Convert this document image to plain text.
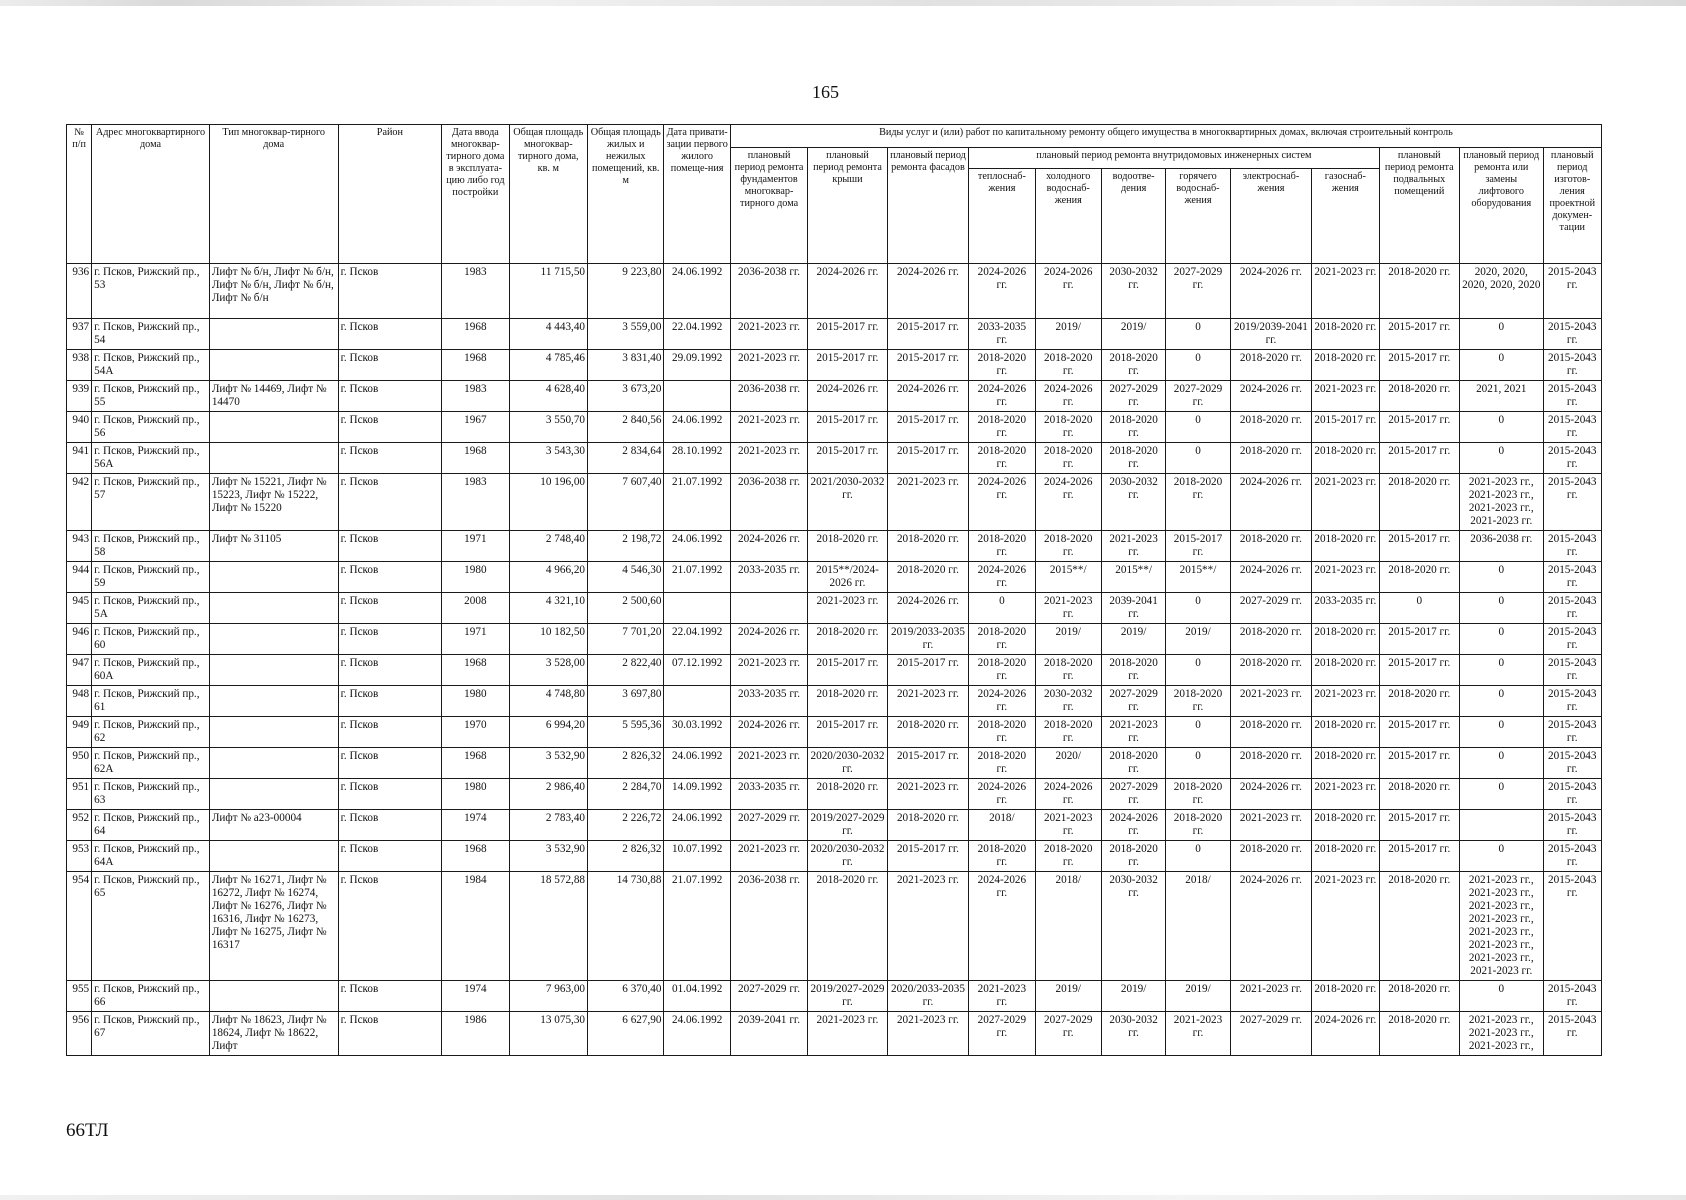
165
№ п/п	Адрес многоквартирного дома	Тип многоквар-тирного дома	Район	Дата ввода многоквар-тирного дома в эксплуата-цию либо год постройки	Общая площадь многоквар-тирного дома, кв. м	Общая площадь жилых и нежилых помещений, кв. м	Дата привати-зации первого жилого помеще-ния	Виды услуг и (или) работ по капитальному ремонту общего имущества в многоквартирных домах, включая строительный контроль											
								плановый период ремонта фундаментов многоквар-тирного дома	плановый период ремонта крыши	плановый период ремонта фасадов	плановый период ремонта внутридомовых инженерных систем						плановый период ремонта подвальных помещений	плановый период ремонта или замены лифтового оборудования	плановый период изготов-ления проектной докумен-тации
											теплоснаб-жения	холодного водоснаб-жения	водоотве-дения	горячего водоснаб-жения	электроснаб-жения	газоснаб-жения			
936	г. Псков, Рижский пр., 53	Лифт № б/н, Лифт № б/н, Лифт № б/н, Лифт № б/н, Лифт № б/н	г. Псков	1983	11 715,50	9 223,80	24.06.1992	2036-2038 гг.	2024-2026 гг.	2024-2026 гг.	2024-2026 гг.	2024-2026 гг.	2030-2032 гг.	2027-2029 гг.	2024-2026 гг.	2021-2023 гг.	2018-2020 гг.	2020, 2020, 2020, 2020, 2020	2015-2043 гг.
937	г. Псков, Рижский пр., 54		г. Псков	1968	4 443,40	3 559,00	22.04.1992	2021-2023 гг.	2015-2017 гг.	2015-2017 гг.	2033-2035 гг.	2019/	2019/	0	2019/2039-2041 гг.	2018-2020 гг.	2015-2017 гг.	0	2015-2043 гг.
938	г. Псков, Рижский пр., 54А		г. Псков	1968	4 785,46	3 831,40	29.09.1992	2021-2023 гг.	2015-2017 гг.	2015-2017 гг.	2018-2020 гг.	2018-2020 гг.	2018-2020 гг.	0	2018-2020 гг.	2018-2020 гг.	2015-2017 гг.	0	2015-2043 гг.
939	г. Псков, Рижский пр., 55	Лифт № 14469, Лифт № 14470	г. Псков	1983	4 628,40	3 673,20		2036-2038 гг.	2024-2026 гг.	2024-2026 гг.	2024-2026 гг.	2024-2026 гг.	2027-2029 гг.	2027-2029 гг.	2024-2026 гг.	2021-2023 гг.	2018-2020 гг.	2021, 2021	2015-2043 гг.
940	г. Псков, Рижский пр., 56		г. Псков	1967	3 550,70	2 840,56	24.06.1992	2021-2023 гг.	2015-2017 гг.	2015-2017 гг.	2018-2020 гг.	2018-2020 гг.	2018-2020 гг.	0	2018-2020 гг.	2015-2017 гг.	2015-2017 гг.	0	2015-2043 гг.
941	г. Псков, Рижский пр., 56А		г. Псков	1968	3 543,30	2 834,64	28.10.1992	2021-2023 гг.	2015-2017 гг.	2015-2017 гг.	2018-2020 гг.	2018-2020 гг.	2018-2020 гг.	0	2018-2020 гг.	2018-2020 гг.	2015-2017 гг.	0	2015-2043 гг.
942	г. Псков, Рижский пр., 57	Лифт № 15221, Лифт № 15223, Лифт № 15222, Лифт № 15220	г. Псков	1983	10 196,00	7 607,40	21.07.1992	2036-2038 гг.	2021/2030-2032 гг.	2021-2023 гг.	2024-2026 гг.	2024-2026 гг.	2030-2032 гг.	2018-2020 гг.	2024-2026 гг.	2021-2023 гг.	2018-2020 гг.	2021-2023 гг., 2021-2023 гг., 2021-2023 гг., 2021-2023 гг.	2015-2043 гг.
943	г. Псков, Рижский пр., 58	Лифт № 31105	г. Псков	1971	2 748,40	2 198,72	24.06.1992	2024-2026 гг.	2018-2020 гг.	2018-2020 гг.	2018-2020 гг.	2018-2020 гг.	2021-2023 гг.	2015-2017 гг.	2018-2020 гг.	2018-2020 гг.	2015-2017 гг.	2036-2038 гг.	2015-2043 гг.
944	г. Псков, Рижский пр., 59		г. Псков	1980	4 966,20	4 546,30	21.07.1992	2033-2035 гг.	2015**/2024-2026 гг.	2018-2020 гг.	2024-2026 гг.	2015**/	2015**/	2015**/	2024-2026 гг.	2021-2023 гг.	2018-2020 гг.	0	2015-2043 гг.
945	г. Псков, Рижский пр., 5А		г. Псков	2008	4 321,10	2 500,60			2021-2023 гг.	2024-2026 гг.	0	2021-2023 гг.	2039-2041 гг.	0	2027-2029 гг.	2033-2035 гг.	0	0	2015-2043 гг.
946	г. Псков, Рижский пр., 60		г. Псков	1971	10 182,50	7 701,20	22.04.1992	2024-2026 гг.	2018-2020 гг.	2019/2033-2035 гг.	2018-2020 гг.	2019/	2019/	2019/	2018-2020 гг.	2018-2020 гг.	2015-2017 гг.	0	2015-2043 гг.
947	г. Псков, Рижский пр., 60А		г. Псков	1968	3 528,00	2 822,40	07.12.1992	2021-2023 гг.	2015-2017 гг.	2015-2017 гг.	2018-2020 гг.	2018-2020 гг.	2018-2020 гг.	0	2018-2020 гг.	2018-2020 гг.	2015-2017 гг.	0	2015-2043 гг.
948	г. Псков, Рижский пр., 61		г. Псков	1980	4 748,80	3 697,80		2033-2035 гг.	2018-2020 гг.	2021-2023 гг.	2024-2026 гг.	2030-2032 гг.	2027-2029 гг.	2018-2020 гг.	2021-2023 гг.	2021-2023 гг.	2018-2020 гг.	0	2015-2043 гг.
949	г. Псков, Рижский пр., 62		г. Псков	1970	6 994,20	5 595,36	30.03.1992	2024-2026 гг.	2015-2017 гг.	2018-2020 гг.	2018-2020 гг.	2018-2020 гг.	2021-2023 гг.	0	2018-2020 гг.	2018-2020 гг.	2015-2017 гг.	0	2015-2043 гг.
950	г. Псков, Рижский пр., 62А		г. Псков	1968	3 532,90	2 826,32	24.06.1992	2021-2023 гг.	2020/2030-2032 гг.	2015-2017 гг.	2018-2020 гг.	2020/	2018-2020 гг.	0	2018-2020 гг.	2018-2020 гг.	2015-2017 гг.	0	2015-2043 гг.
951	г. Псков, Рижский пр., 63		г. Псков	1980	2 986,40	2 284,70	14.09.1992	2033-2035 гг.	2018-2020 гг.	2021-2023 гг.	2024-2026 гг.	2024-2026 гг.	2027-2029 гг.	2018-2020 гг.	2024-2026 гг.	2021-2023 гг.	2018-2020 гг.	0	2015-2043 гг.
952	г. Псков, Рижский пр., 64	Лифт № а23-00004	г. Псков	1974	2 783,40	2 226,72	24.06.1992	2027-2029 гг.	2019/2027-2029 гг.	2018-2020 гг.	2018/	2021-2023 гг.	2024-2026 гг.	2018-2020 гг.	2021-2023 гг.	2018-2020 гг.	2015-2017 гг.		2015-2043 гг.
953	г. Псков, Рижский пр., 64А		г. Псков	1968	3 532,90	2 826,32	10.07.1992	2021-2023 гг.	2020/2030-2032 гг.	2015-2017 гг.	2018-2020 гг.	2018-2020 гг.	2018-2020 гг.	0	2018-2020 гг.	2018-2020 гг.	2015-2017 гг.	0	2015-2043 гг.
954	г. Псков, Рижский пр., 65	Лифт № 16271, Лифт № 16272, Лифт № 16274, Лифт № 16276, Лифт № 16316, Лифт № 16273, Лифт № 16275, Лифт № 16317	г. Псков	1984	18 572,88	14 730,88	21.07.1992	2036-2038 гг.	2018-2020 гг.	2021-2023 гг.	2024-2026 гг.	2018/	2030-2032 гг.	2018/	2024-2026 гг.	2021-2023 гг.	2018-2020 гг.	2021-2023 гг., 2021-2023 гг., 2021-2023 гг., 2021-2023 гг., 2021-2023 гг., 2021-2023 гг., 2021-2023 гг., 2021-2023 гг.	2015-2043 гг.
955	г. Псков, Рижский пр., 66		г. Псков	1974	7 963,00	6 370,40	01.04.1992	2027-2029 гг.	2019/2027-2029 гг.	2020/2033-2035 гг.	2021-2023 гг.	2019/	2019/	2019/	2021-2023 гг.	2018-2020 гг.	2018-2020 гг.	0	2015-2043 гг.
956	г. Псков, Рижский пр., 67	Лифт № 18623, Лифт № 18624, Лифт № 18622, Лифт	г. Псков	1986	13 075,30	6 627,90	24.06.1992	2039-2041 гг.	2021-2023 гг.	2021-2023 гг.	2027-2029 гг.	2027-2029 гг.	2030-2032 гг.	2021-2023 гг.	2027-2029 гг.	2024-2026 гг.	2018-2020 гг.	2021-2023 гг., 2021-2023 гг., 2021-2023 гг.,	2015-2043 гг.
66ТЛ
